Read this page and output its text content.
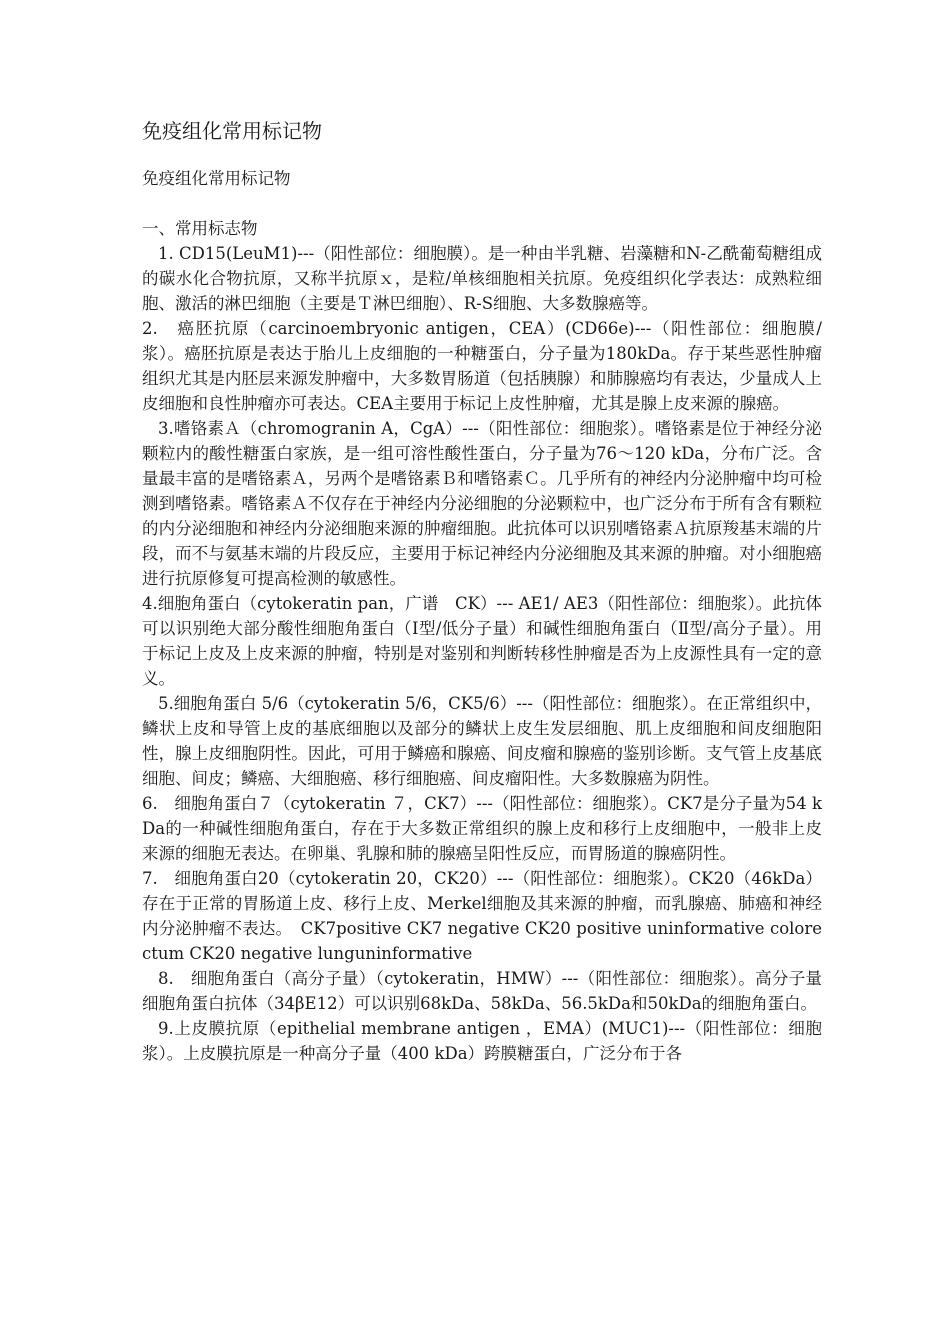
免疫组化常用标记物

免疫组化常用标记物

一、常用标志物

1. CD15(LeuM1)---（阳性部位：细胞膜）。是一种由半乳糖、岩藻糖和N-乙酰葡萄糖组成的碳水化合物抗原，又称半抗原ｘ，是粒/单核细胞相关抗原。免疫组织化学表达：成熟粒细胞、激活的淋巴细胞（主要是Ｔ淋巴细胞）、R-S细胞、大多数腺癌等。

2.　癌胚抗原（carcinoembryonic antigen，CEA）(CD66e)---（阳性部位：细胞膜/浆）。癌胚抗原是表达于胎儿上皮细胞的一种糖蛋白，分子量为180kDa。存于某些恶性肿瘤组织尤其是内胚层来源发肿瘤中，大多数胃肠道（包括胰腺）和肺腺癌均有表达，少量成人上皮细胞和良性肿瘤亦可表达。CEA主要用于标记上皮性肿瘤，尤其是腺上皮来源的腺癌。

3.嗜铬素Ａ（chromogranin A，CgA）---（阳性部位：细胞浆）。嗜铬素是位于神经分泌颗粒内的酸性糖蛋白家族，是一组可溶性酸性蛋白，分子量为76～120 kDa，分布广泛。含量最丰富的是嗜铬素Ａ，另两个是嗜铬素Ｂ和嗜铬素Ｃ。几乎所有的神经内分泌肿瘤中均可检测到嗜铬素。嗜铬素Ａ不仅存在于神经内分泌细胞的分泌颗粒中，也广泛分布于所有含有颗粒的内分泌细胞和神经内分泌细胞来源的肿瘤细胞。此抗体可以识别嗜铬素Ａ抗原羧基末端的片段，而不与氨基末端的片段反应，主要用于标记神经内分泌细胞及其来源的肿瘤。对小细胞癌进行抗原修复可提高检测的敏感性。

4.细胞角蛋白（cytokeratin pan，广谱　CK）--- AE1/ AE3（阳性部位：细胞浆）。此抗体可以识别绝大部分酸性细胞角蛋白（Ⅰ型/低分子量）和碱性细胞角蛋白（Ⅱ型/高分子量）。用于标记上皮及上皮来源的肿瘤，特别是对鉴别和判断转移性肿瘤是否为上皮源性具有一定的意义。

5.细胞角蛋白 5/6（cytokeratin 5/6，CK5/6）---（阳性部位：细胞浆）。在正常组织中，鳞状上皮和导管上皮的基底细胞以及部分的鳞状上皮生发层细胞、肌上皮细胞和间皮细胞阳性，腺上皮细胞阴性。因此，可用于鳞癌和腺癌、间皮瘤和腺癌的鉴别诊断。支气管上皮基底细胞、间皮；鳞癌、大细胞癌、移行细胞癌、间皮瘤阳性。大多数腺癌为阴性。

6.　细胞角蛋白７（cytokeratin ７，CK7）---（阳性部位：细胞浆）。CK7是分子量为54 kDa的一种碱性细胞角蛋白，存在于大多数正常组织的腺上皮和移行上皮细胞中，一般非上皮来源的细胞无表达。在卵巢、乳腺和肺的腺癌呈阳性反应，而胃肠道的腺癌阴性。

7.　细胞角蛋白20（cytokeratin 20，CK20）---（阳性部位：细胞浆）。CK20（46kDa）存在于正常的胃肠道上皮、移行上皮、Merkel细胞及其来源的肿瘤，而乳腺癌、肺癌和神经内分泌肿瘤不表达。　CK7positive CK7 negative CK20 positive uninformative colorectum CK20 negative lunguninformative

8.　细胞角蛋白（高分子量）（cytokeratin，HMW）---（阳性部位：细胞浆）。高分子量细胞角蛋白抗体（34βE12）可以识别68kDa、58kDa、56.5kDa和50kDa的细胞角蛋白。

9.上皮膜抗原（epithelial membrane antigen ，EMA）(MUC1)---（阳性部位：细胞浆）。上皮膜抗原是一种高分子量（400 kDa）跨膜糖蛋白，广泛分布于各
